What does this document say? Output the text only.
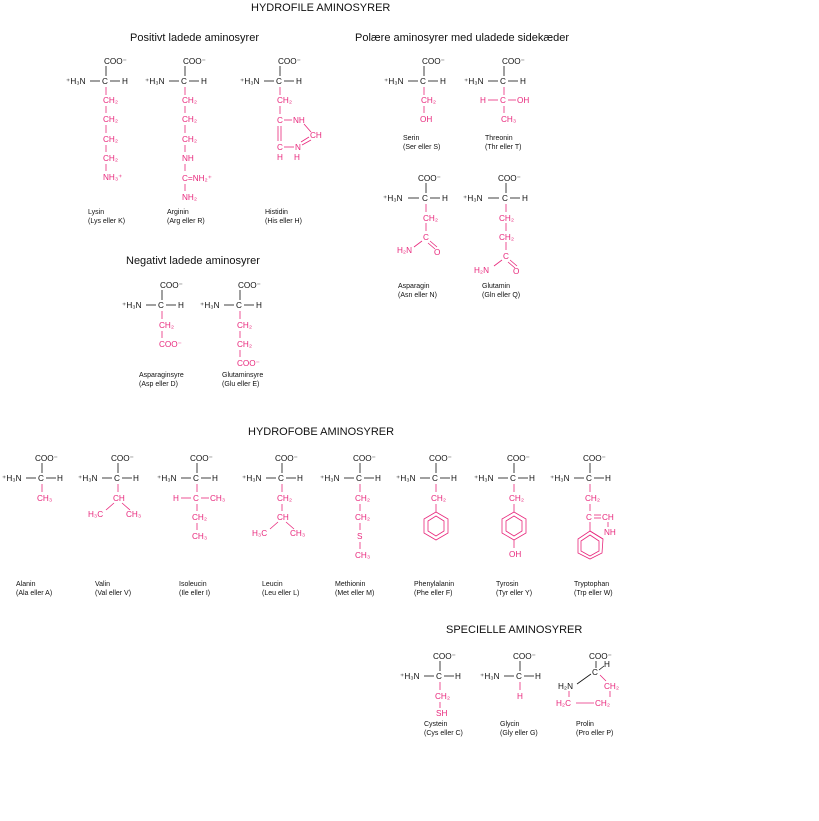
HYDROFILE AMINOSYRER
Positivt ladede aminosyrer	Polære aminosyrer med uladede sidekæder
Negativt ladede aminosyrer
HYDROFOBE AMINOSYRER
SPECIELLE AMINOSYRER
COO⁻
⁺H₃N C H
CH₂
CH₂
CH₂
CH₂
NH₃⁺
Lysin
(Lys eller K)
COO⁻
⁺H₃N C H
CH₂
CH₂
CH₂
NH
C=NH₂⁺
NH₂
Arginin
(Arg eller R)
COO⁻
⁺H₃N C H
CH₂
C NH
CH
C N
H H
Histidin
(His eller H)
COO⁻
⁺H₃N C H
CH₂
OH
Serin
(Ser eller S)
COO⁻
⁺H₃N C H
H C OH
CH₃
Threonin
(Thr eller T)
COO⁻
⁺H₃N C H
CH₂
C
H₂N	O
Asparagin
(Asn eller N)
COO⁻
⁺H₃N C H
CH₂
CH₂
C
H₂N	O
Glutamin
(Gln eller Q)
COO⁻
⁺H₃N C H
CH₂
COO⁻
Asparaginsyre
(Asp eller D)
COO⁻
⁺H₃N C H
CH₂
CH₂
COO⁻
Glutaminsyre
(Glu eller E)
COO⁻
⁺H₃N C H
CH₃
Alanin
(Ala eller A)
COO⁻
⁺H₃N C H
CH
H₃C	CH₃
Valin
(Val eller V)
COO⁻
⁺H₃N C H
H C CH₃
CH₂
CH₃
Isoleucin
(Ile eller I)
COO⁻
⁺H₃N C H
CH₂
CH
H₃C	CH₃
Leucin
(Leu eller L)
COO⁻
⁺H₃N C H
CH₂
CH₂
S
CH₃
Methionin
(Met eller M)
COO⁻
⁺H₃N C H
CH₂
Phenylalanin
(Phe eller F)
COO⁻
⁺H₃N C H
CH₂
OH
Tyrosin
(Tyr eller Y)
COO⁻
⁺H₃N C H
CH₂
C CH
NH
Tryptophan
(Trp eller W)
COO⁻
⁺H₃N C H
CH₂
SH
Cystein
(Cys eller C)
COO⁻
⁺H₃N C H
H
Glycin
(Gly eller G)
COO⁻
C
H
H₂N	CH₂
H₂C	CH₂
Prolin
(Pro eller P)
